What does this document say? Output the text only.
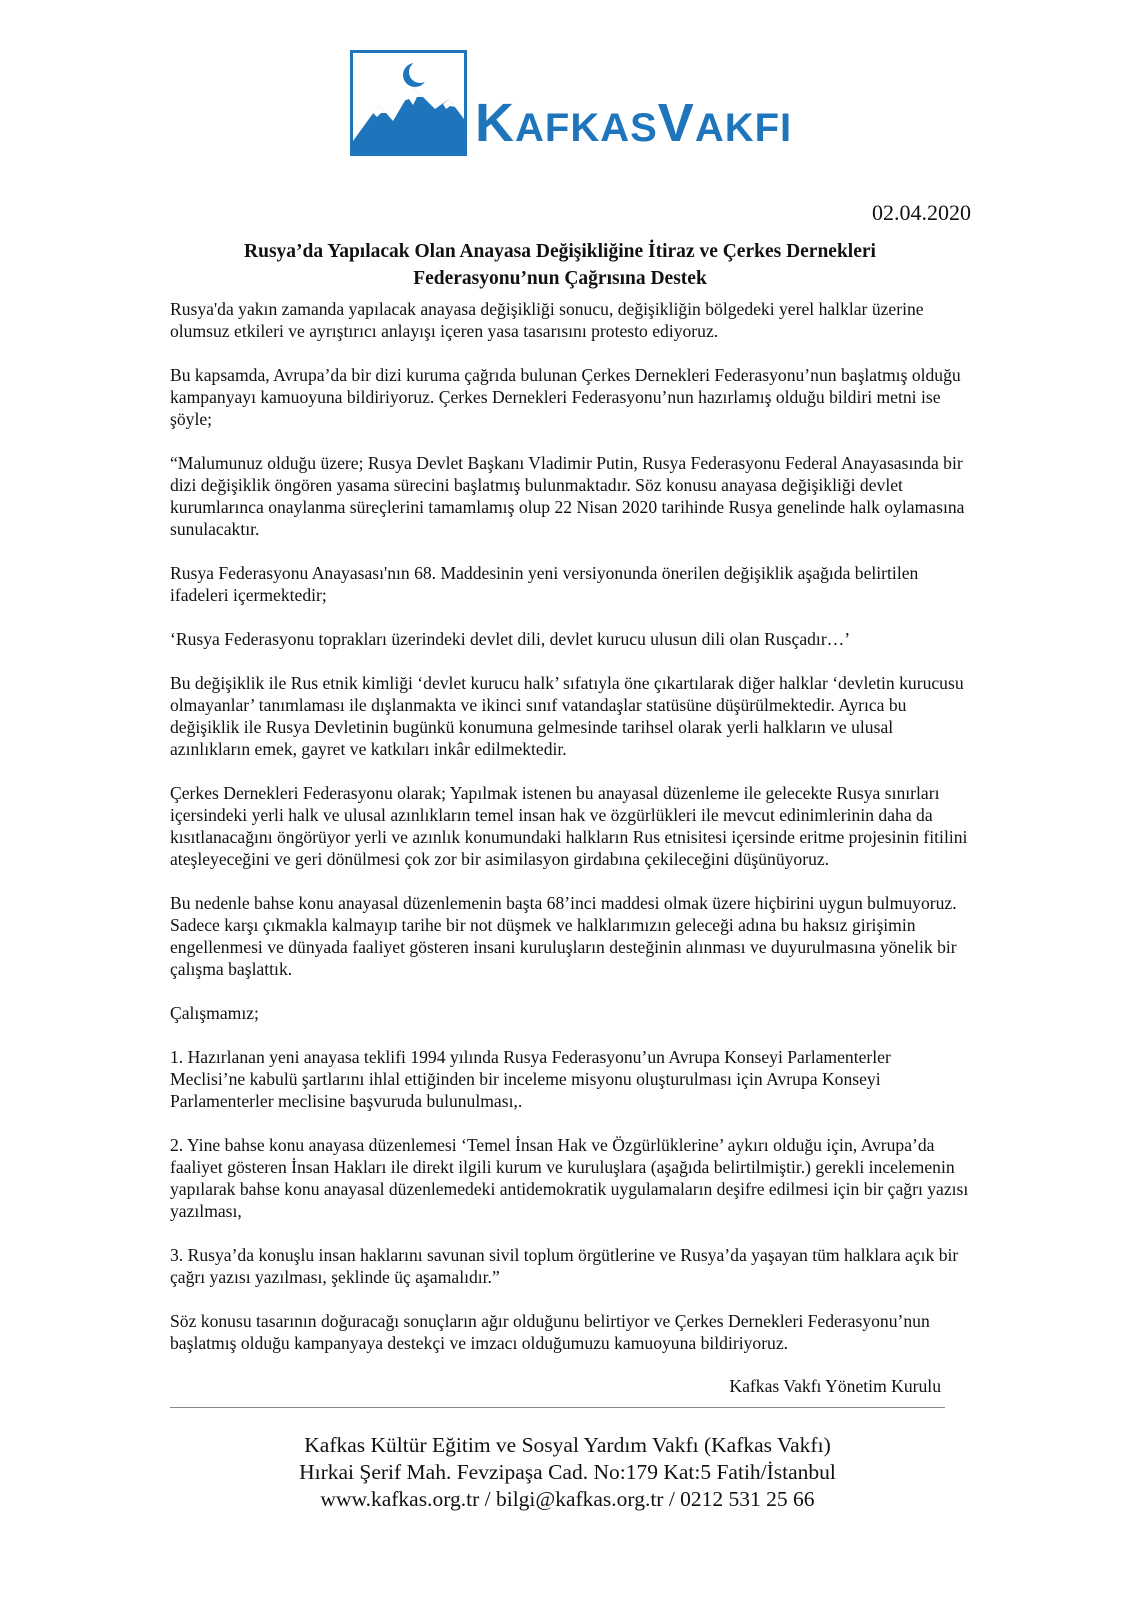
KAFKASVAKFI
02.04.2020
Rusya’da Yapılacak Olan Anayasa Değişikliğine İtiraz ve Çerkes Dernekleri
Federasyonu’nun Çağrısına Destek

Rusya'da yakın zamanda yapılacak anayasa değişikliği sonucu, değişikliğin bölgedeki yerel halklar üzerine olumsuz etkileri ve ayrıştırıcı anlayışı içeren yasa tasarısını protesto ediyoruz.

Bu kapsamda, Avrupa’da bir dizi kuruma çağrıda bulunan Çerkes Dernekleri Federasyonu’nun başlatmış olduğu kampanyayı kamuoyuna bildiriyoruz. Çerkes Dernekleri Federasyonu’nun hazırlamış olduğu bildiri metni ise şöyle;

“Malumunuz olduğu üzere; Rusya Devlet Başkanı Vladimir Putin, Rusya Federasyonu Federal Anayasasında bir dizi değişiklik öngören yasama sürecini başlatmış bulunmaktadır. Söz konusu anayasa değişikliği devlet kurumlarınca onaylanma süreçlerini tamamlamış olup 22 Nisan 2020 tarihinde Rusya genelinde halk oylamasına sunulacaktır.

Rusya Federasyonu Anayasası'nın 68. Maddesinin yeni versiyonunda önerilen değişiklik aşağıda belirtilen ifadeleri içermektedir;

‘Rusya Federasyonu toprakları üzerindeki devlet dili, devlet kurucu ulusun dili olan Rusçadır…’

Bu değişiklik ile Rus etnik kimliği ‘devlet kurucu halk’ sıfatıyla öne çıkartılarak diğer halklar ‘devletin kurucusu olmayanlar’ tanımlaması ile dışlanmakta ve ikinci sınıf vatandaşlar statüsüne düşürülmektedir. Ayrıca bu değişiklik ile Rusya Devletinin bugünkü konumuna gelmesinde tarihsel olarak yerli halkların ve ulusal azınlıkların emek, gayret ve katkıları inkâr edilmektedir.

Çerkes Dernekleri Federasyonu olarak; Yapılmak istenen bu anayasal düzenleme ile gelecekte Rusya sınırları içersindeki yerli halk ve ulusal azınlıkların temel insan hak ve özgürlükleri ile mevcut edinimlerinin daha da kısıtlanacağını öngörüyor yerli ve azınlık konumundaki halkların Rus etnisitesi içersinde eritme projesinin fitilini ateşleyeceğini ve geri dönülmesi çok zor bir asimilasyon girdabına çekileceğini düşünüyoruz.

Bu nedenle bahse konu anayasal düzenlemenin başta 68’inci maddesi olmak üzere hiçbirini uygun bulmuyoruz. Sadece karşı çıkmakla kalmayıp tarihe bir not düşmek ve halklarımızın geleceği adına bu haksız girişimin engellenmesi ve dünyada faaliyet gösteren insani kuruluşların desteğinin alınması ve duyurulmasına yönelik bir çalışma başlattık.

Çalışmamız;

1. Hazırlanan yeni anayasa teklifi 1994 yılında Rusya Federasyonu’un Avrupa Konseyi Parlamenterler Meclisi’ne kabulü şartlarını ihlal ettiğinden bir inceleme misyonu oluşturulması için Avrupa Konseyi Parlamenterler meclisine başvuruda bulunulması,.

2. Yine bahse konu anayasa düzenlemesi ‘Temel İnsan Hak ve Özgürlüklerine’ aykırı olduğu için, Avrupa’da faaliyet gösteren İnsan Hakları ile direkt ilgili kurum ve kuruluşlara (aşağıda belirtilmiştir.) gerekli incelemenin yapılarak bahse konu anayasal düzenlemedeki antidemokratik uygulamaların deşifre edilmesi için bir çağrı yazısı yazılması,

3. Rusya’da konuşlu insan haklarını savunan sivil toplum örgütlerine ve Rusya’da yaşayan tüm halklara açık bir çağrı yazısı yazılması, şeklinde üç aşamalıdır.”

Söz konusu tasarının doğuracağı sonuçların ağır olduğunu belirtiyor ve Çerkes Dernekleri Federasyonu’nun başlatmış olduğu kampanyaya destekçi ve imzacı olduğumuzu kamuoyuna bildiriyoruz.

Kafkas Vakfı Yönetim Kurulu
Kafkas Kültür Eğitim ve Sosyal Yardım Vakfı (Kafkas Vakfı)
Hırkai Şerif Mah. Fevzipaşa Cad. No:179 Kat:5 Fatih/İstanbul
www.kafkas.org.tr / bilgi@kafkas.org.tr / 0212 531 25 66
